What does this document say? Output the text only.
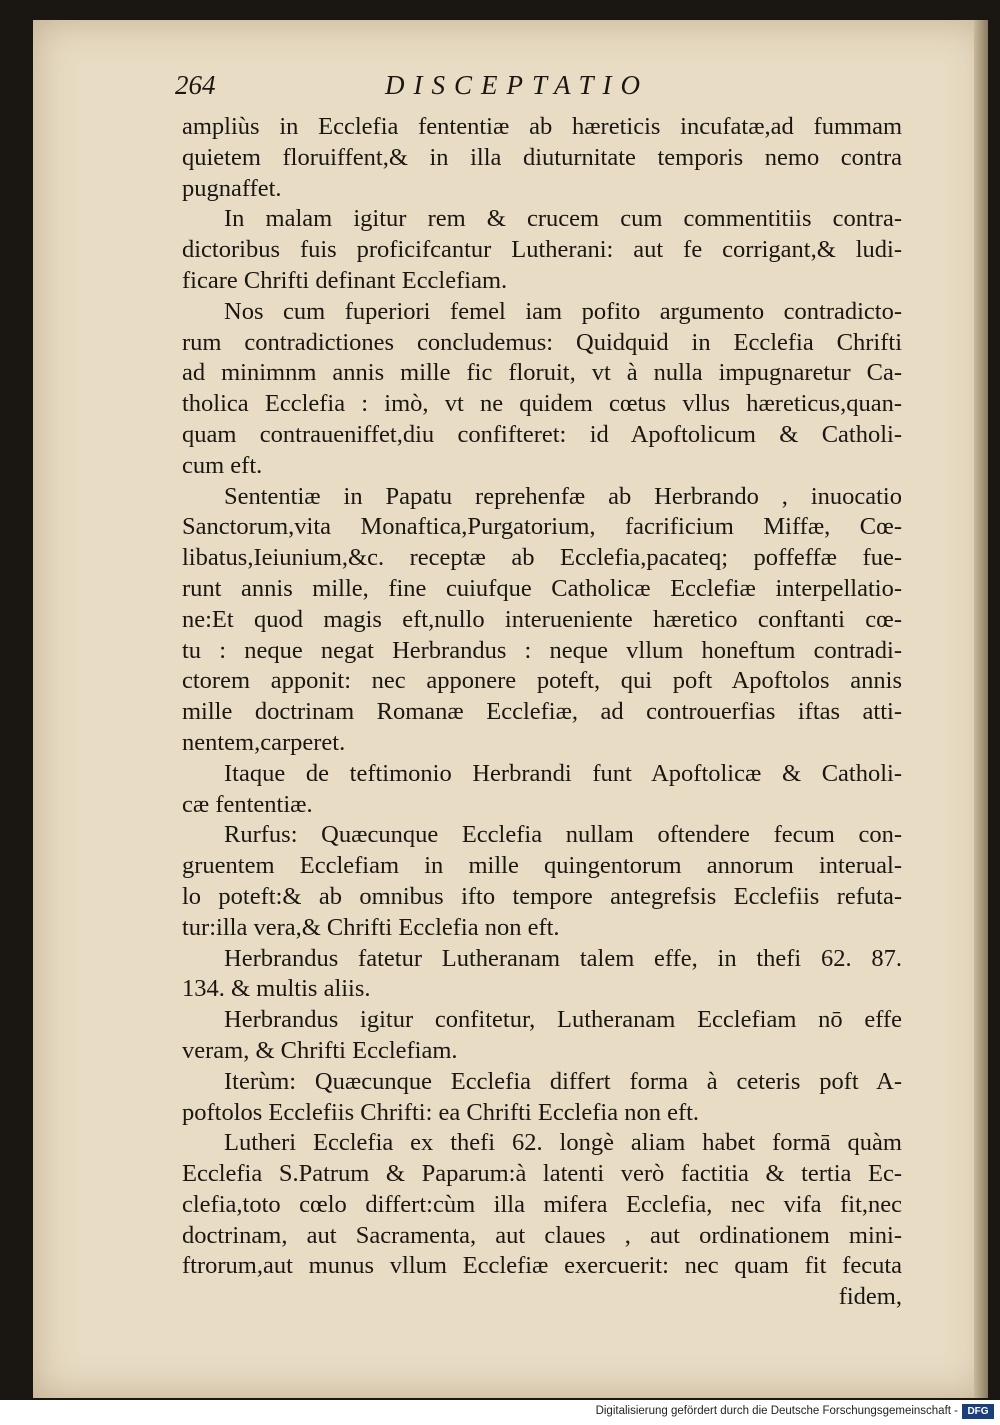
264	DISCEPTATIO
ampliùs in Ecclefia fententiæ ab hæreticis incufatæ,ad fummam
quietem floruiffent,& in illa diuturnitate temporis nemo contra
pugnaffet.
In malam igitur rem & crucem cum commentitiis contra-
dictoribus fuis proficifcantur Lutherani: aut fe corrigant,& ludi-
ficare Chrifti definant Ecclefiam.
Nos cum fuperiori femel iam pofito argumento contradicto-
rum contradictiones concludemus: Quidquid in Ecclefia Chrifti
ad minimnm annis mille fic floruit, vt à nulla impugnaretur Ca-
tholica Ecclefia : imò, vt ne quidem cœtus vllus hæreticus,quan-
quam contraueniffet,diu confifteret: id Apoftolicum & Catholi-
cum eft.
Sententiæ in Papatu reprehenfæ ab Herbrando , inuocatio
Sanctorum,vita Monaftica,Purgatorium, facrificium Miffæ, Cœ-
libatus,Ieiunium,&c. receptæ ab Ecclefia,pacateq; poffeffæ fue-
runt annis mille, fine cuiufque Catholicæ Ecclefiæ interpellatio-
ne:Et quod magis eft,nullo interueniente hæretico conftanti cœ-
tu : neque negat Herbrandus : neque vllum honeftum contradi-
ctorem apponit: nec apponere poteft, qui poft Apoftolos annis
mille doctrinam Romanæ Ecclefiæ, ad controuerfias iftas atti-
nentem,carperet.
Itaque de teftimonio Herbrandi funt Apoftolicæ & Catholi-
cæ fententiæ.
Rurfus: Quæcunque Ecclefia nullam oftendere fecum con-
gruentem Ecclefiam in mille quingentorum annorum interual-
lo poteft:& ab omnibus ifto tempore antegrefsis Ecclefiis refuta-
tur:illa vera,& Chrifti Ecclefia non eft.
Herbrandus fatetur Lutheranam talem effe, in thefi 62. 87.
134. & multis aliis.
Herbrandus igitur confitetur, Lutheranam Ecclefiam nō effe
veram, & Chrifti Ecclefiam.
Iterùm: Quæcunque Ecclefia differt forma à ceteris poft A-
poftolos Ecclefiis Chrifti: ea Chrifti Ecclefia non eft.
Lutheri Ecclefia ex thefi 62. longè aliam habet formā quàm
Ecclefia S.Patrum & Paparum:à latenti verò factitia & tertia Ec-
clefia,toto cœlo differt:cùm illa mifera Ecclefia, nec vifa fit,nec
doctrinam, aut Sacramenta, aut claues , aut ordinationem mini-
ftrorum,aut munus vllum Ecclefiæ exercuerit: nec quam fit fecuta
fidem,
Digitalisierung gefördert durch die Deutsche Forschungsgemeinschaft - DFG
